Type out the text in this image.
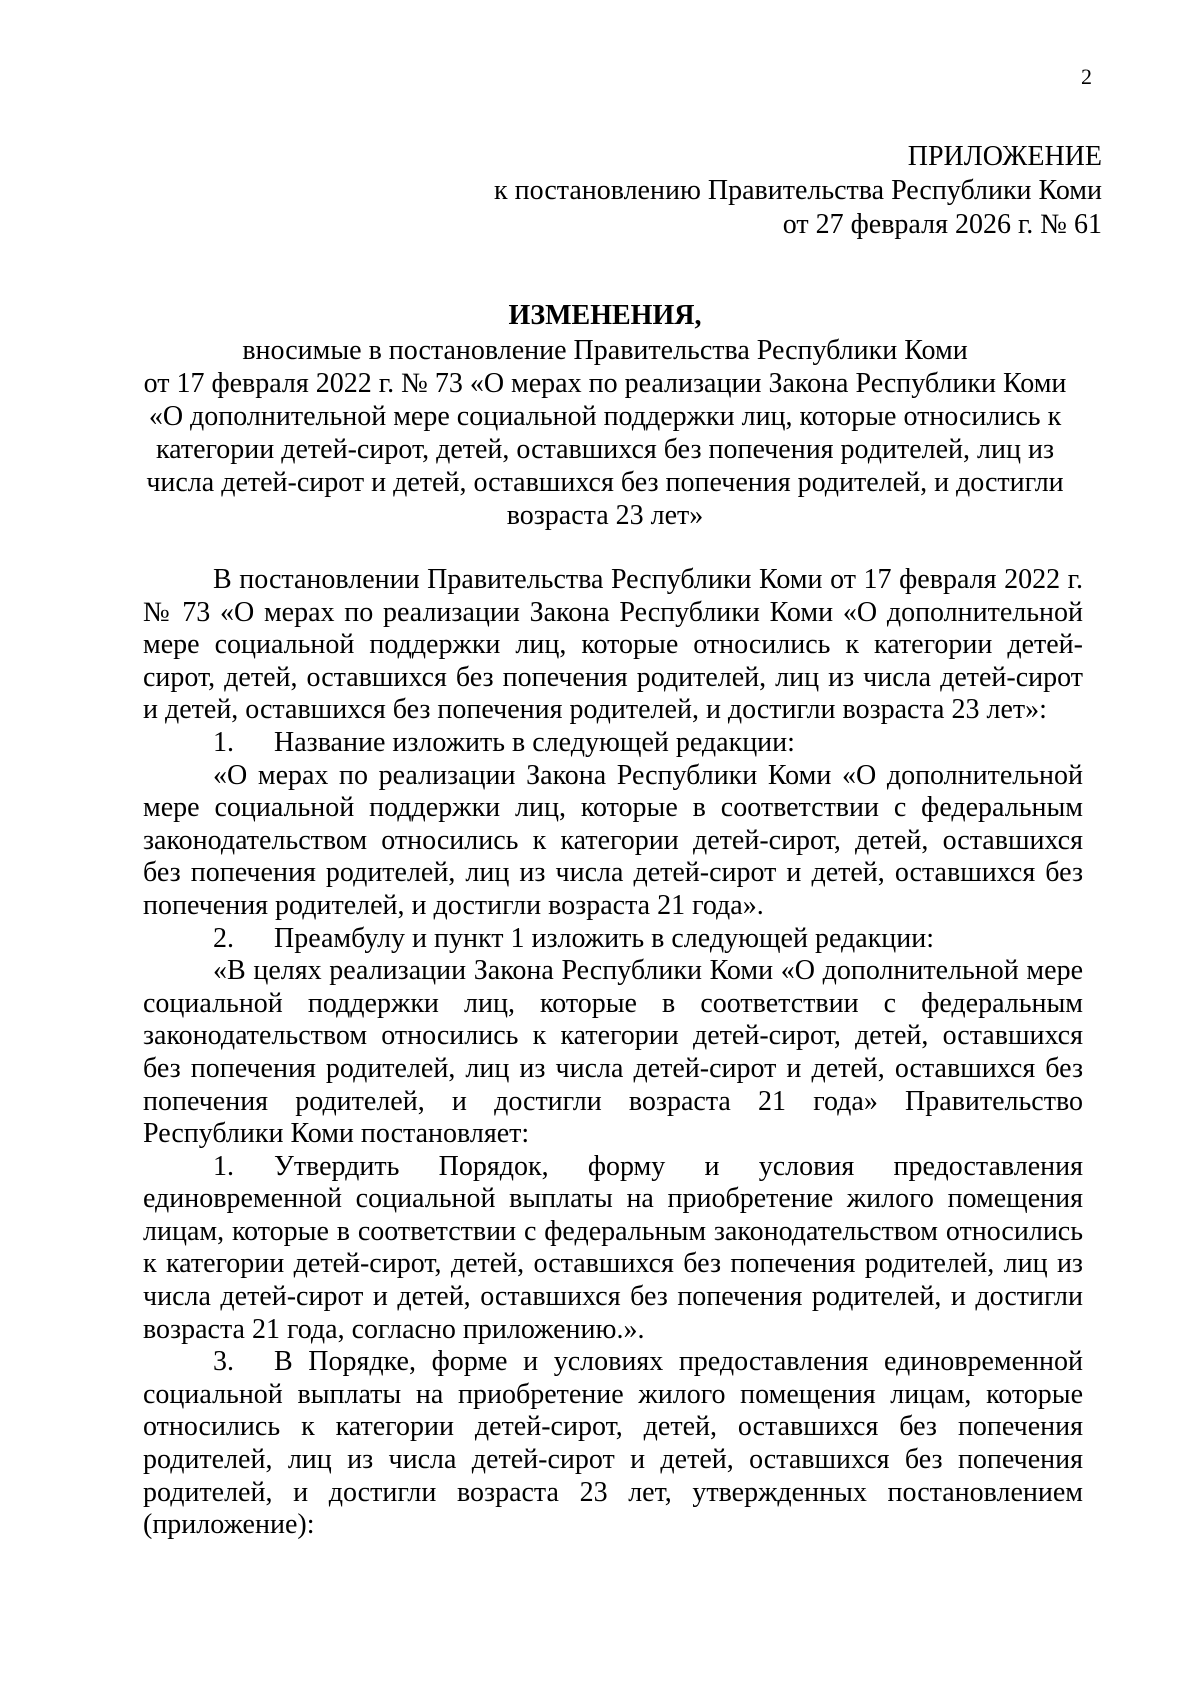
2
ПРИЛОЖЕНИЕ
к постановлению Правительства Республики Коми
от 27 февраля 2026 г. № 61
ИЗМЕНЕНИЯ,
вносимые в постановление Правительства Республики Коми
от 17 февраля 2022 г. № 73 «О мерах по реализации Закона Республики Коми
«О дополнительной мере социальной поддержки лиц, которые относились к
категории детей-сирот, детей, оставшихся без попечения родителей, лиц из
числа детей-сирот и детей, оставшихся без попечения родителей, и достигли
возраста 23 лет»

В постановлении Правительства Республики Коми от 17 февраля 2022 г. № 73 «О мерах по реализации Закона Республики Коми «О дополнительной мере социальной поддержки лиц, которые относились к категории детей-сирот, детей, оставшихся без попечения родителей, лиц из числа детей-сирот и детей, оставшихся без попечения родителей, и достигли возраста 23 лет»:

1. Название изложить в следующей редакции:

«О мерах по реализации Закона Республики Коми «О дополнительной мере социальной поддержки лиц, которые в соответствии с федеральным законодательством относились к категории детей-сирот, детей, оставшихся без попечения родителей, лиц из числа детей-сирот и детей, оставшихся без попечения родителей, и достигли возраста 21 года».

2. Преамбулу и пункт 1 изложить в следующей редакции:

«В целях реализации Закона Республики Коми «О дополнительной мере социальной поддержки лиц, которые в соответствии с федеральным законодательством относились к категории детей-сирот, детей, оставшихся без попечения родителей, лиц из числа детей-сирот и детей, оставшихся без попечения родителей, и достигли возраста 21 года» Правительство Республики Коми постановляет:

1. Утвердить Порядок, форму и условия предоставления единовременной социальной выплаты на приобретение жилого помещения лицам, которые в соответствии с федеральным законодательством относились к категории детей-сирот, детей, оставшихся без попечения родителей, лиц из числа детей-сирот и детей, оставшихся без попечения родителей, и достигли возраста 21 года, согласно приложению.».

3. В Порядке, форме и условиях предоставления единовременной социальной выплаты на приобретение жилого помещения лицам, которые относились к категории детей-сирот, детей, оставшихся без попечения родителей, лиц из числа детей-сирот и детей, оставшихся без попечения родителей, и достигли возраста 23 лет, утвержденных постановлением (приложение):
